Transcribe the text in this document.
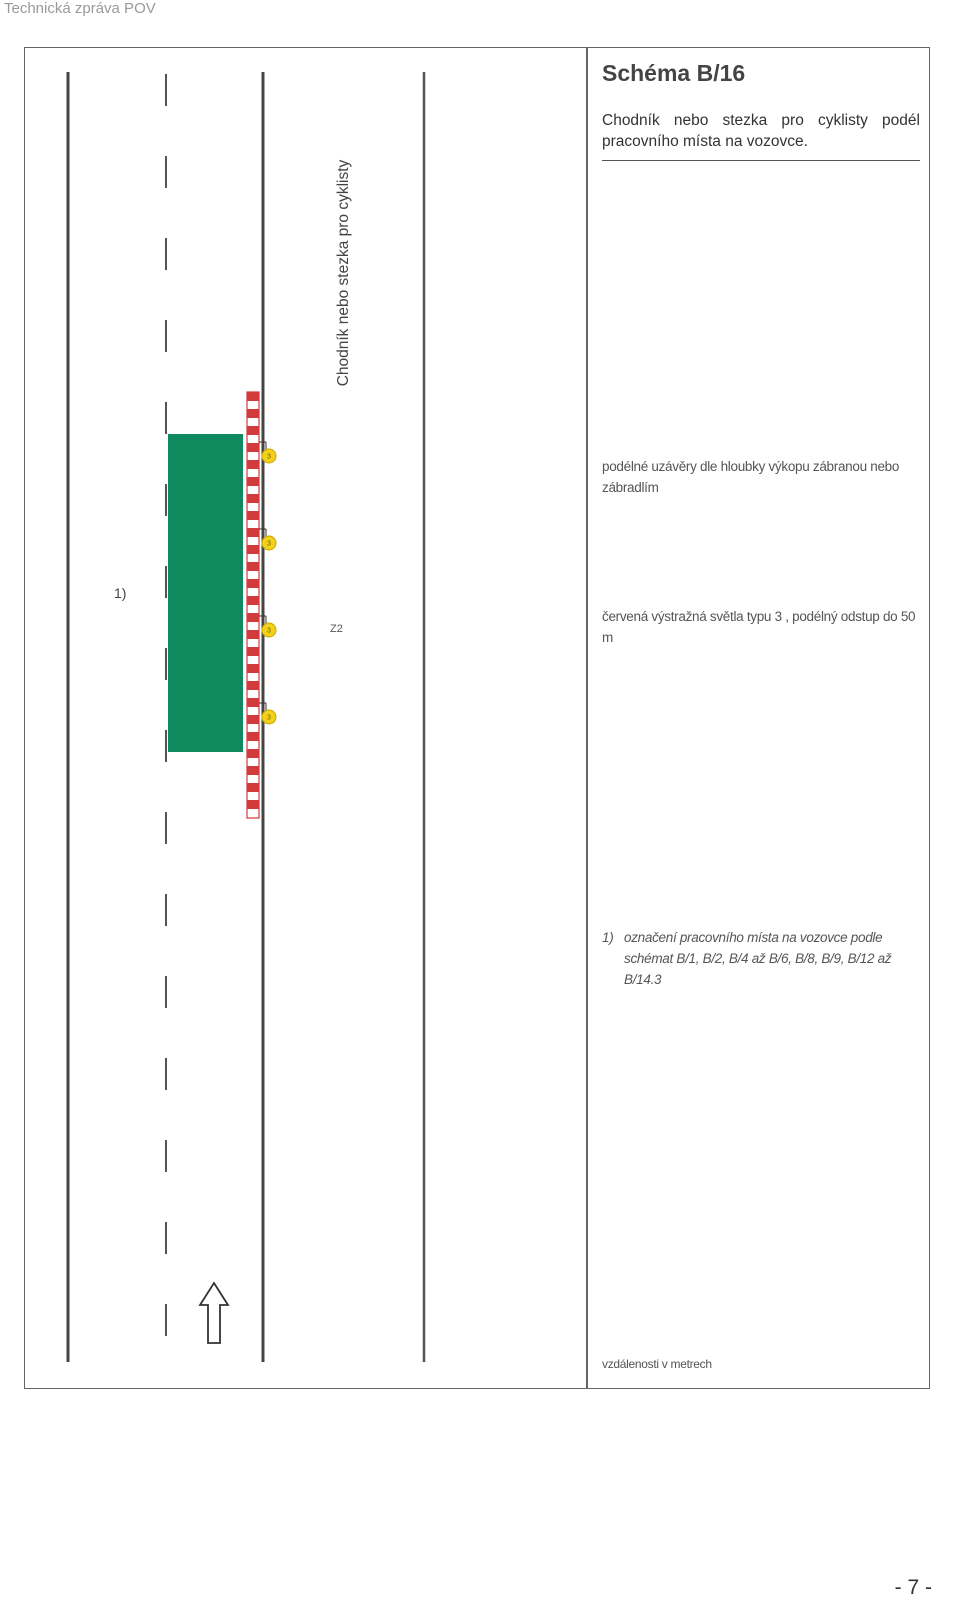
Technická zpráva POV
3
3
3
3
Chodník nebo stezka pro cyklisty
1)
Z2
Schéma B/16
Chodník nebo stezka pro cyklisty podél pracovního místa na vozovce.
podélné uzávěry dle hloubky výkopu zábranou nebo zábradlím
červená výstražná světla typu 3 , podélný odstup do 50 m
1) označení pracovního místa na vozovce podle schémat B/1, B/2, B/4 až B/6, B/8, B/9, B/12 až B/14.3
vzdálenosti v metrech
- 7 -
